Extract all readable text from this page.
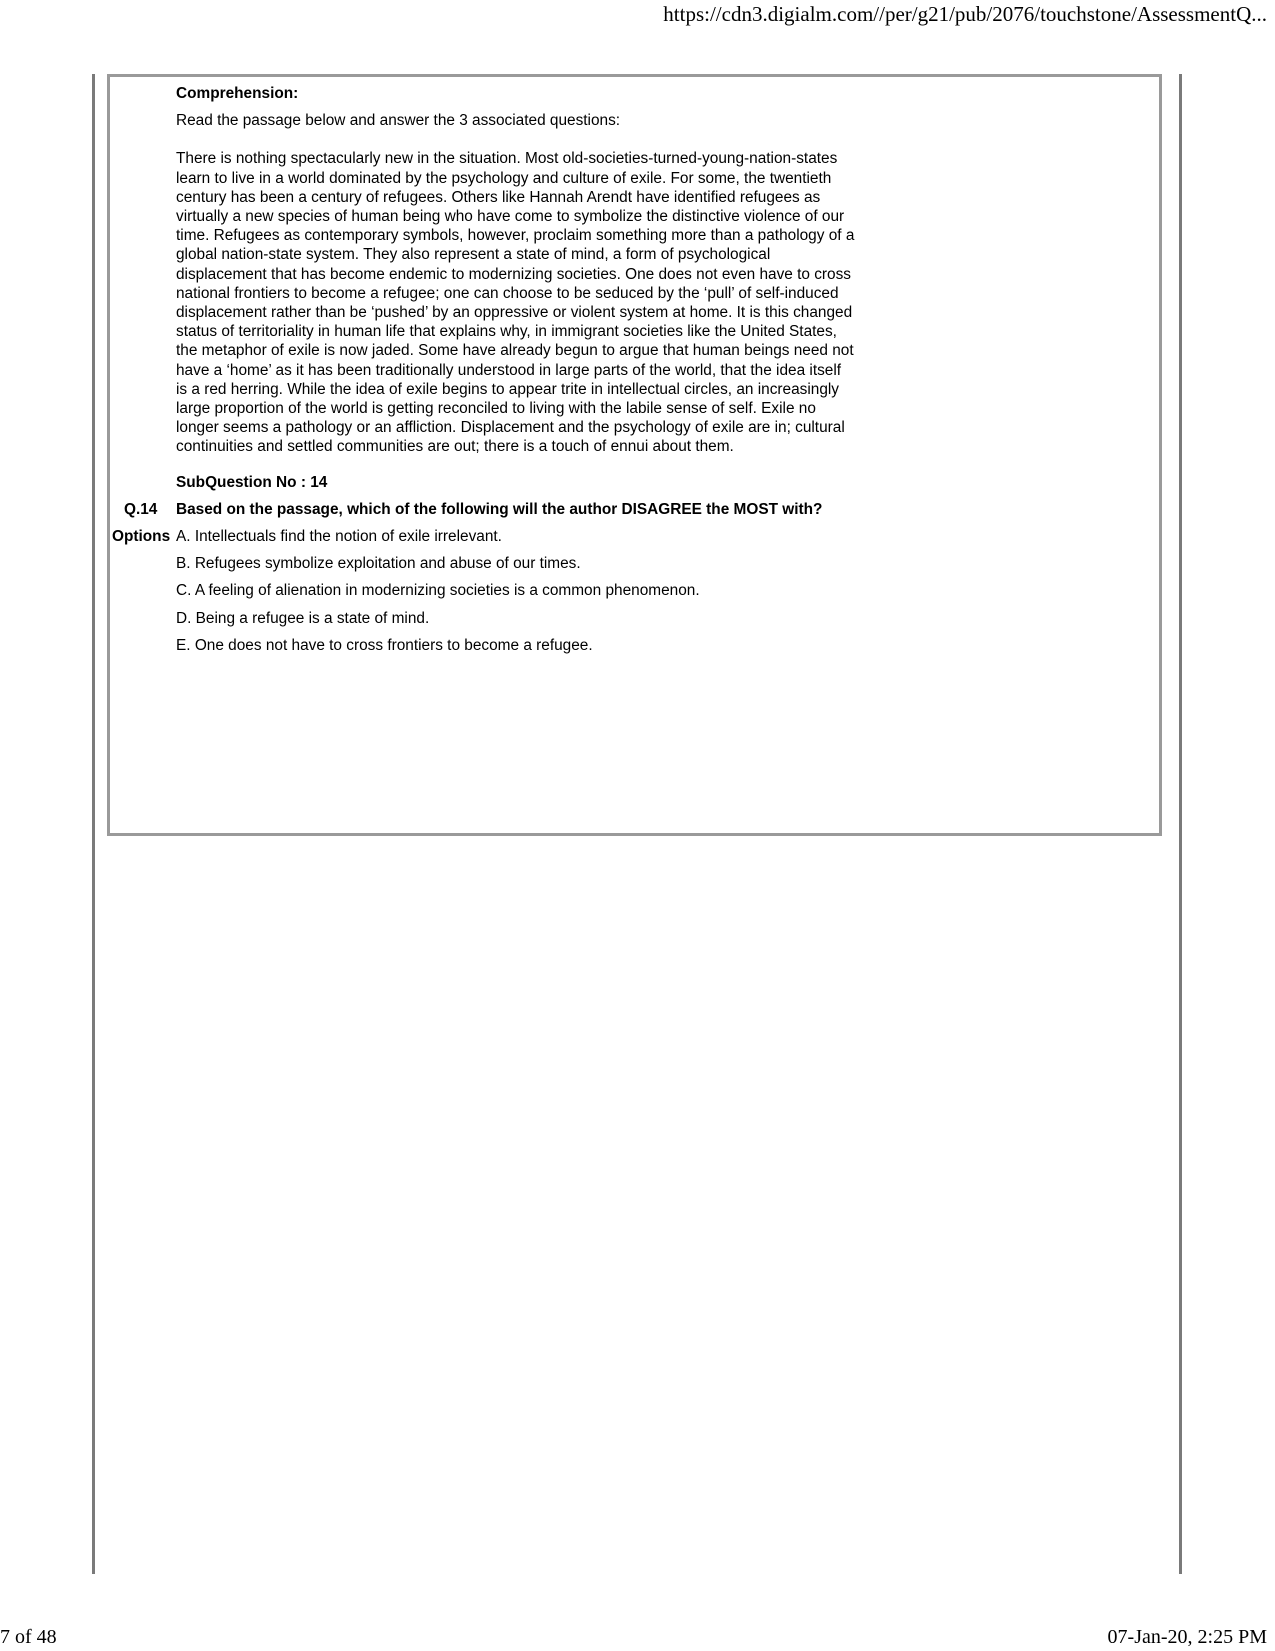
https://cdn3.digialm.com//per/g21/pub/2076/touchstone/AssessmentQ...
Comprehension:
Read the passage below and answer the 3 associated questions:
There is nothing spectacularly new in the situation. Most old-societies-turned-young-nation-states learn to live in a world dominated by the psychology and culture of exile. For some, the twentieth century has been a century of refugees. Others like Hannah Arendt have identified refugees as virtually a new species of human being who have come to symbolize the distinctive violence of our time. Refugees as contemporary symbols, however, proclaim something more than a pathology of a global nation-state system. They also represent a state of mind, a form of psychological displacement that has become endemic to modernizing societies. One does not even have to cross national frontiers to become a refugee; one can choose to be seduced by the ‘pull’ of self-induced displacement rather than be ‘pushed’ by an oppressive or violent system at home. It is this changed status of territoriality in human life that explains why, in immigrant societies like the United States, the metaphor of exile is now jaded. Some have already begun to argue that human beings need not have a ‘home’ as it has been traditionally understood in large parts of the world, that the idea itself is a red herring. While the idea of exile begins to appear trite in intellectual circles, an increasingly large proportion of the world is getting reconciled to living with the labile sense of self. Exile no longer seems a pathology or an affliction. Displacement and the psychology of exile are in; cultural continuities and settled communities are out; there is a touch of ennui about them.
SubQuestion No : 14
Q.14 Based on the passage, which of the following will the author DISAGREE the MOST with?
Options A. Intellectuals find the notion of exile irrelevant.
B. Refugees symbolize exploitation and abuse of our times.
C. A feeling of alienation in modernizing societies is a common phenomenon.
D. Being a refugee is a state of mind.
E. One does not have to cross frontiers to become a refugee.
7 of 48	07-Jan-20, 2:25 PM
